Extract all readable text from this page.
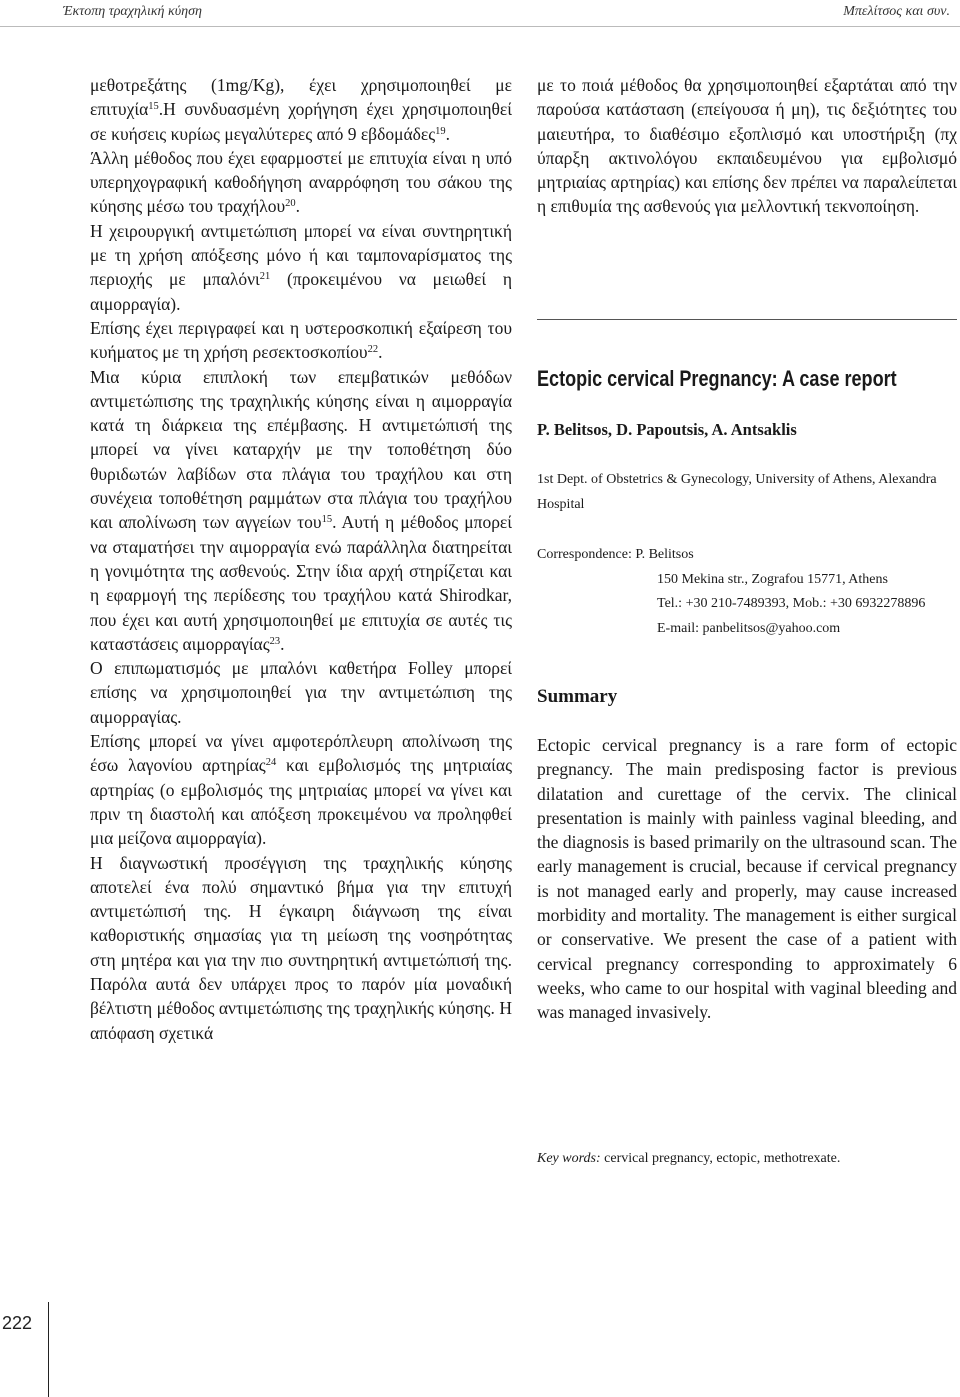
Έκτοπη τραχηλική κύηση	Μπελίτσος και συν.

μεθοτρεξάτης (1mg/Kg), έχει χρησιμοποιηθεί με επιτυχία$^{15}$.Η συνδυασμένη χορήγηση έχει χρησιμοποιηθεί σε κυήσεις κυρίως μεγαλύτερες από 9 εβδομάδες$^{19}$.

Άλλη μέθοδος που έχει εφαρμοστεί με επιτυχία είναι η υπό υπερηχογραφική καθοδήγηση αναρρόφηση του σάκου της κύησης μέσω του τραχήλου$^{20}$.

Η χειρουργική αντιμετώπιση μπορεί να είναι συντηρητική με τη χρήση απόξεσης μόνο ή και ταμποναρίσματος της περιοχής με μπαλόνι$^{21}$ (προκειμένου να μειωθεί η αιμορραγία).

Επίσης έχει περιγραφεί και η υστεροσκοπική εξαίρεση του κυήματος με τη χρήση ρεσεκτοσκοπίου$^{22}$.

Μια κύρια επιπλοκή των επεμβατικών μεθόδων αντιμετώπισης της τραχηλικής κύησης είναι η αιμορραγία κατά τη διάρκεια της επέμβασης. Η αντιμετώπισή της μπορεί να γίνει καταρχήν με την τοποθέτηση δύο θυριδωτών λαβίδων στα πλάγια του τραχήλου και στη συνέχεια τοποθέτηση ραμμάτων στα πλάγια του τραχήλου και απολίνωση των αγγείων του$^{15}$. Αυτή η μέθοδος μπορεί να σταματήσει την αιμορραγία ενώ παράλληλα διατηρείται η γονιμότητα της ασθενούς. Στην ίδια αρχή στηρίζεται και η εφαρμογή της περίδεσης του τραχήλου κατά Shirodkar, που έχει και αυτή χρησιμοποιηθεί με επιτυχία σε αυτές τις καταστάσεις αιμορραγίας$^{23}$.

Ο επιπωματισμός με μπαλόνι καθετήρα Folley μπορεί επίσης να χρησιμοποιηθεί για την αντιμετώπιση της αιμορραγίας.

Επίσης μπορεί να γίνει αμφοτερόπλευρη απολίνωση της έσω λαγονίου αρτηρίας$^{24}$ και εμβολισμός της μητριαίας αρτηρίας (ο εμβολισμός της μητριαίας μπορεί να γίνει και πριν τη διαστολή και απόξεση προκειμένου να προληφθεί μια μείζονα αιμορραγία).

Η διαγνωστική προσέγγιση της τραχηλικής κύησης αποτελεί ένα πολύ σημαντικό βήμα για την επιτυχή αντιμετώπισή της. Η έγκαιρη διάγνωση της είναι καθοριστικής σημασίας για τη μείωση της νοσηρότητας στη μητέρα και για την πιο συντηρητική αντιμετώπισή της. Παρόλα αυτά δεν υπάρχει προς το παρόν μία μοναδική βέλτιστη μέθοδος αντιμετώπισης της τραχηλικής κύησης. Η απόφαση σχετικά

με το ποιά μέθοδος θα χρησιμοποιηθεί εξαρτάται από την παρούσα κατάσταση (επείγουσα ή μη), τις δεξιότητες του μαιευτήρα, το διαθέσιμο εξοπλισμό και υποστήριξη (πχ ύπαρξη ακτινολόγου εκπαιδευμένου για εμβολισμό μητριαίας αρτηρίας) και επίσης δεν πρέπει να παραλείπεται η επιθυμία της ασθενούς για μελλοντική τεκνοποίηση.

Ectopic cervical Pregnancy: A case report
P. Belitsos, D. Papoutsis, A. Antsaklis
1st Dept. of Obstetrics & Gynecology, University of Athens, Alexandra Hospital
Correspondence: P. Belitsos
150 Mekina str., Zografou 15771, Athens
Tel.: +30 210-7489393, Mob.: +30 6932278896
E-mail: panbelitsos@yahoo.com
Summary

Ectopic cervical pregnancy is a rare form of ectopic pregnancy. The main predisposing factor is previous dilatation and curettage of the cervix. The clinical presentation is mainly with painless vaginal bleeding, and the diagnosis is based primarily on the ultrasound scan. The early management is crucial, because if cervical pregnancy is not managed early and properly, may cause increased morbidity and mortality. The management is either surgical or conservative. We present the case of a patient with cervical pregnancy corresponding to approximately 6 weeks, who came to our hospital with vaginal bleeding and was managed invasively.

Key words: cervical pregnancy, ectopic, methotrexate.
222
